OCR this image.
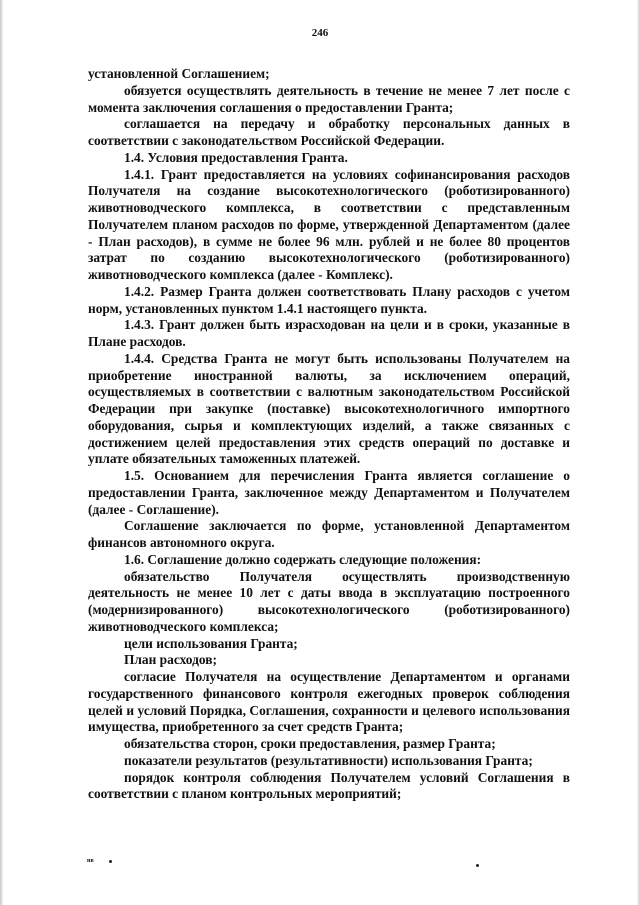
246

установленной Соглашением;

обязуется осуществлять деятельность в течение не менее 7 лет после с момента заключения соглашения о предоставлении Гранта;

соглашается на передачу и обработку персональных данных в соответствии с законодательством Российской Федерации.

1.4. Условия предоставления Гранта.

1.4.1. Грант предоставляется на условиях софинансирования расходов Получателя на создание высокотехнологического (роботизированного) животноводческого комплекса, в соответствии с представленным Получателем планом расходов по форме, утвержденной Департаментом (далее - План расходов), в сумме не более 96 млн. рублей и не более 80 процентов затрат по созданию высокотехнологического (роботизированного) животноводческого комплекса (далее - Комплекс).

1.4.2. Размер Гранта должен соответствовать Плану расходов с учетом норм, установленных пунктом 1.4.1 настоящего пункта.

1.4.3. Грант должен быть израсходован на цели и в сроки, указанные в Плане расходов.

1.4.4. Средства Гранта не могут быть использованы Получателем на приобретение иностранной валюты, за исключением операций, осуществляемых в соответствии с валютным законодательством Российской Федерации при закупке (поставке) высокотехнологичного импортного оборудования, сырья и комплектующих изделий, а также связанных с достижением целей предоставления этих средств операций по доставке и уплате обязательных таможенных платежей.

1.5. Основанием для перечисления Гранта является соглашение о предоставлении Гранта, заключенное между Департаментом и Получателем (далее - Соглашение).

Соглашение заключается по форме, установленной Департаментом финансов автономного округа.

1.6. Соглашение должно содержать следующие положения:

обязательство Получателя осуществлять производственную деятельность не менее 10 лет с даты ввода в эксплуатацию построенного (модернизированного) высокотехнологического (роботизированного) животноводческого комплекса;

цели использования Гранта;

План расходов;

согласие Получателя на осуществление Департаментом и органами государственного финансового контроля ежегодных проверок соблюдения целей и условий Порядка, Соглашения, сохранности и целевого использования имущества, приобретенного за счет средств Гранта;

обязательства сторон, сроки предоставления, размер Гранта;

показатели результатов (результативности) использования Гранта;

порядок контроля соблюдения Получателем условий Соглашения в соответствии с планом контрольных мероприятий;

нв
